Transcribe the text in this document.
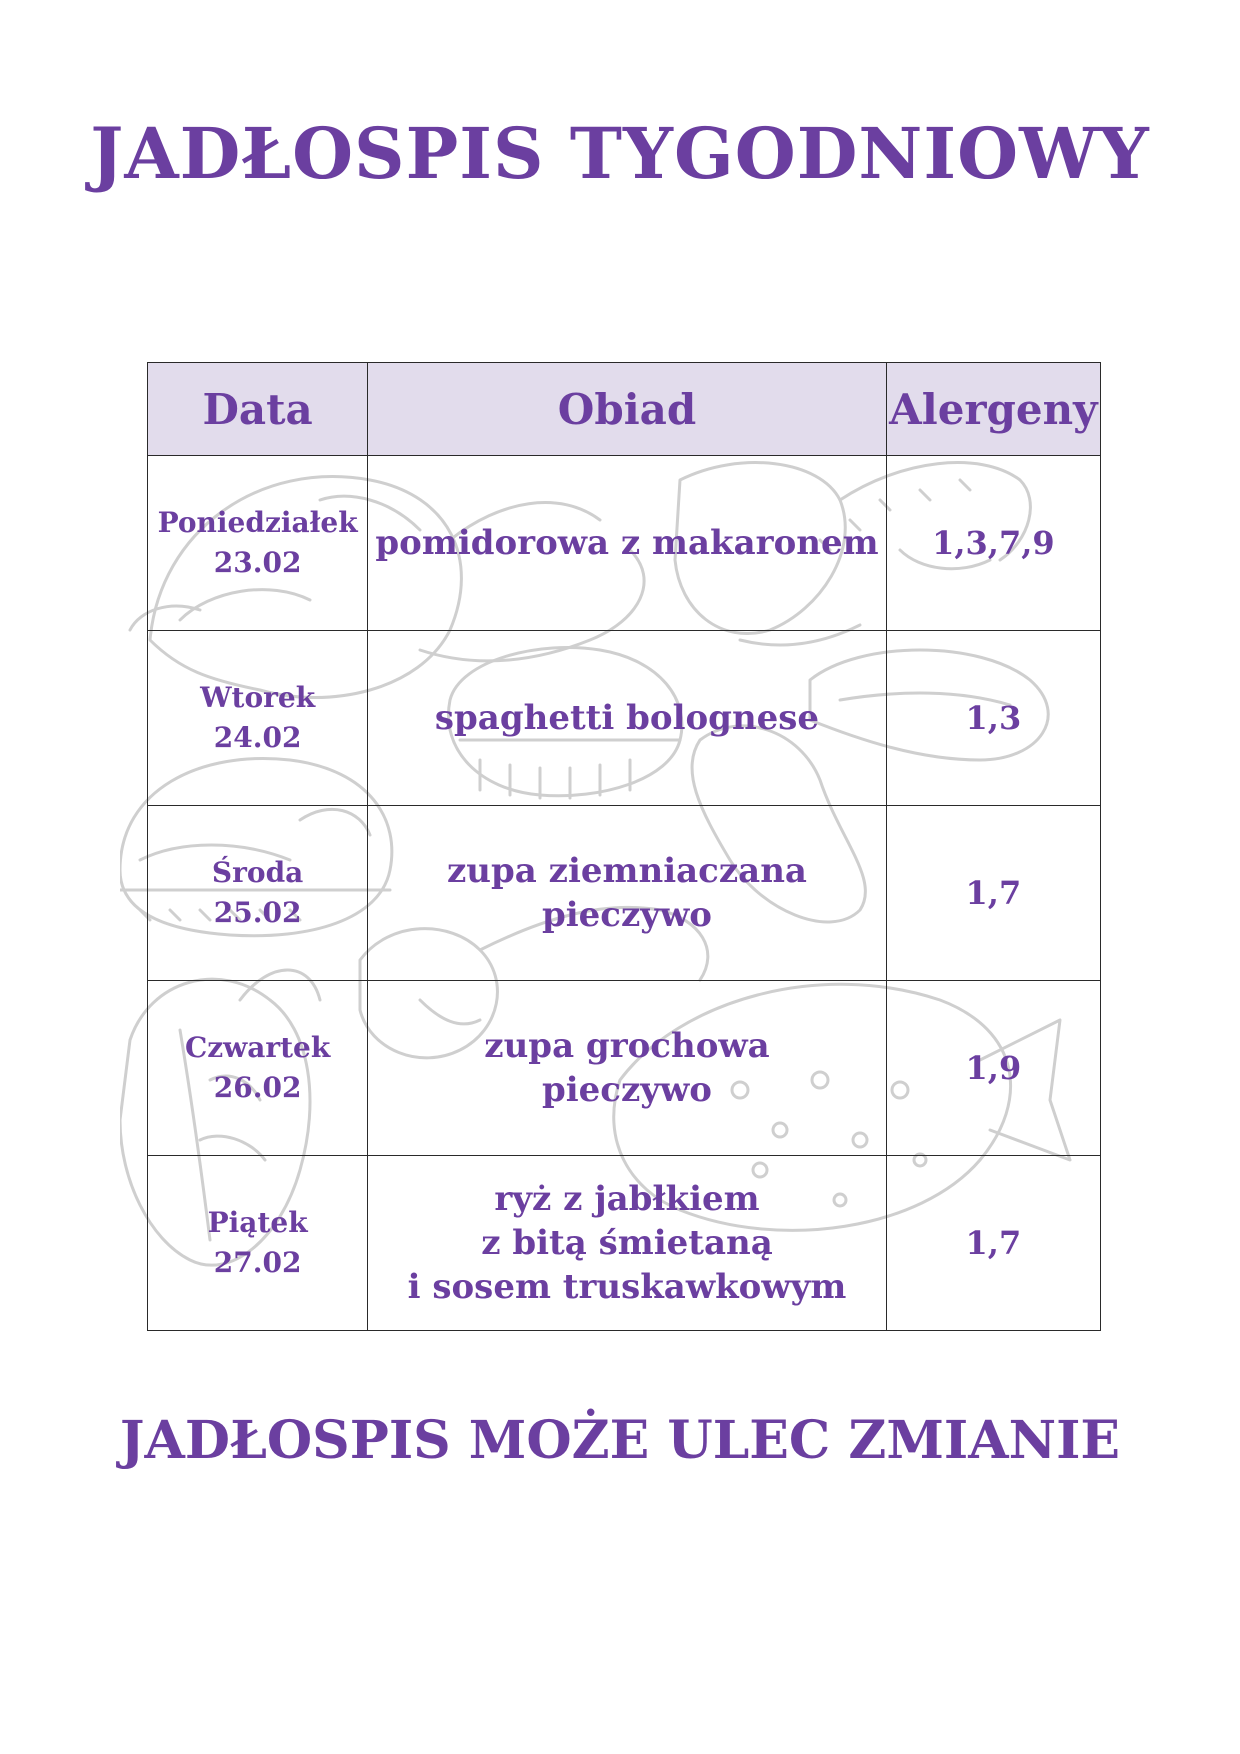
JADŁOSPIS TYGODNIOWY
Data	Obiad	Alergeny

Poniedziałek
23.02	pomidorowa z makaronem	1,3,7,9

Wtorek
24.02	spaghetti bolognese	1,3

Środa
25.02	zupa ziemniaczana
pieczywo	1,7

Czwartek
26.02	zupa grochowa
pieczywo	1,9

Piątek
27.02	ryż z jabłkiem
z bitą śmietaną
i sosem truskawkowym	1,7
JADŁOSPIS MOŻE ULEC ZMIANIE
